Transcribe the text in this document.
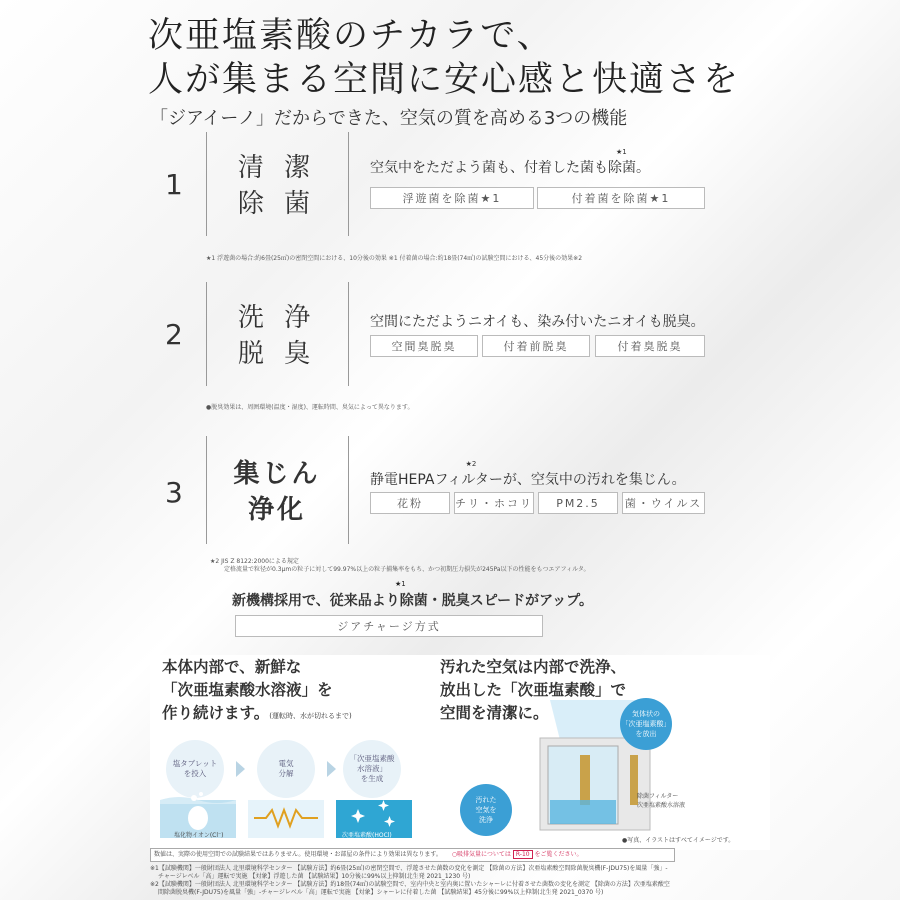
次亜塩素酸のチカラで、
人が集まる空間に安心感と快適さを
「ジアイーノ」だからできた、空気の質を高める3つの機能
1	清 潔
除 菌
空気中をただよう菌も、付着した菌も除菌。$^{★1}$
浮遊菌を除菌★1	付着菌を除菌★1
★1 浮遊菌の場合:約6畳(25㎥)の密閉空間における、10分後の効果 ※1 付着菌の場合:約18畳(74㎥)の試験空間における、45分後の効果※2
2	洗 浄
脱 臭
空間にただようニオイも、染み付いたニオイも脱臭。
空間臭脱臭	付着前脱臭	付着臭脱臭
●脱臭効果は、周囲環境(温度・湿度)、運転時間、臭気によって異なります。
3
集じん
浄化
静電HEPAフィルターが、空気中の汚れを集じん。$^{★2}$
花粉	チリ・ホコリ	PM2.5	菌・ウイルス
★2 JIS Z 8122:2000による規定
定格流量で粒径が0.3μmの粒子に対して99.97%以上の粒子捕集率をもち、かつ初期圧力損失が245Pa以下の性能をもつエアフィルタ。
新機構採用で、従来品より除菌・脱臭スピードがアップ。
★1
ジアチャージ方式
本体内部で、新鮮な
「次亜塩素酸水溶液」を
作り続けます。(運転時、水が切れるまで)
塩タブレット
を投入
電気
分解
「次亜塩素酸
水溶液」
を生成
塩化物イオン(Cl⁻)	次亜塩素酸(HOCl)
汚れた空気は内部で洗浄、
放出した「次亜塩素酸」で
空間を清潔に。	気体状の
「次亜塩素酸」
を放出
汚れた
空気を
洗浄
除菌フィルター
次亜塩素酸水溶液
●写真、イラストはすべてイメージです。
数値は、実際の使用空間での試験結果ではありません。使用環境・お部屋の条件により効果は異なります。 ○吸排気量については R-10 をご覧ください。
※1【試験機関】一般財団法人 北里環境科学センター 【試験方法】約6畳(25㎥)の密閉空間で、浮遊させた菌数の変化を測定 【除菌の方法】次亜塩素酸空間除菌脱臭機(F-JDU75)を風量「強」-
チャージレベル「高」運転で実施 【対象】浮遊した菌 【試験結果】10分後に99%以上抑制(北生発 2021_1230 号)
※2【試験機関】一般財団法人 北里環境科学センター 【試験方法】約18畳(74㎥)の試験空間で、室内中央と室内奥に置いたシャーレに付着させた菌数の変化を測定 【除菌の方法】次亜塩素酸空
間除菌脱臭機(F-JDU75)を風量「強」-チャージレベル「高」運転で実施 【対象】シャーレに付着した菌 【試験結果】45分後に99%以上抑制(北生発 2021_0370 号)
